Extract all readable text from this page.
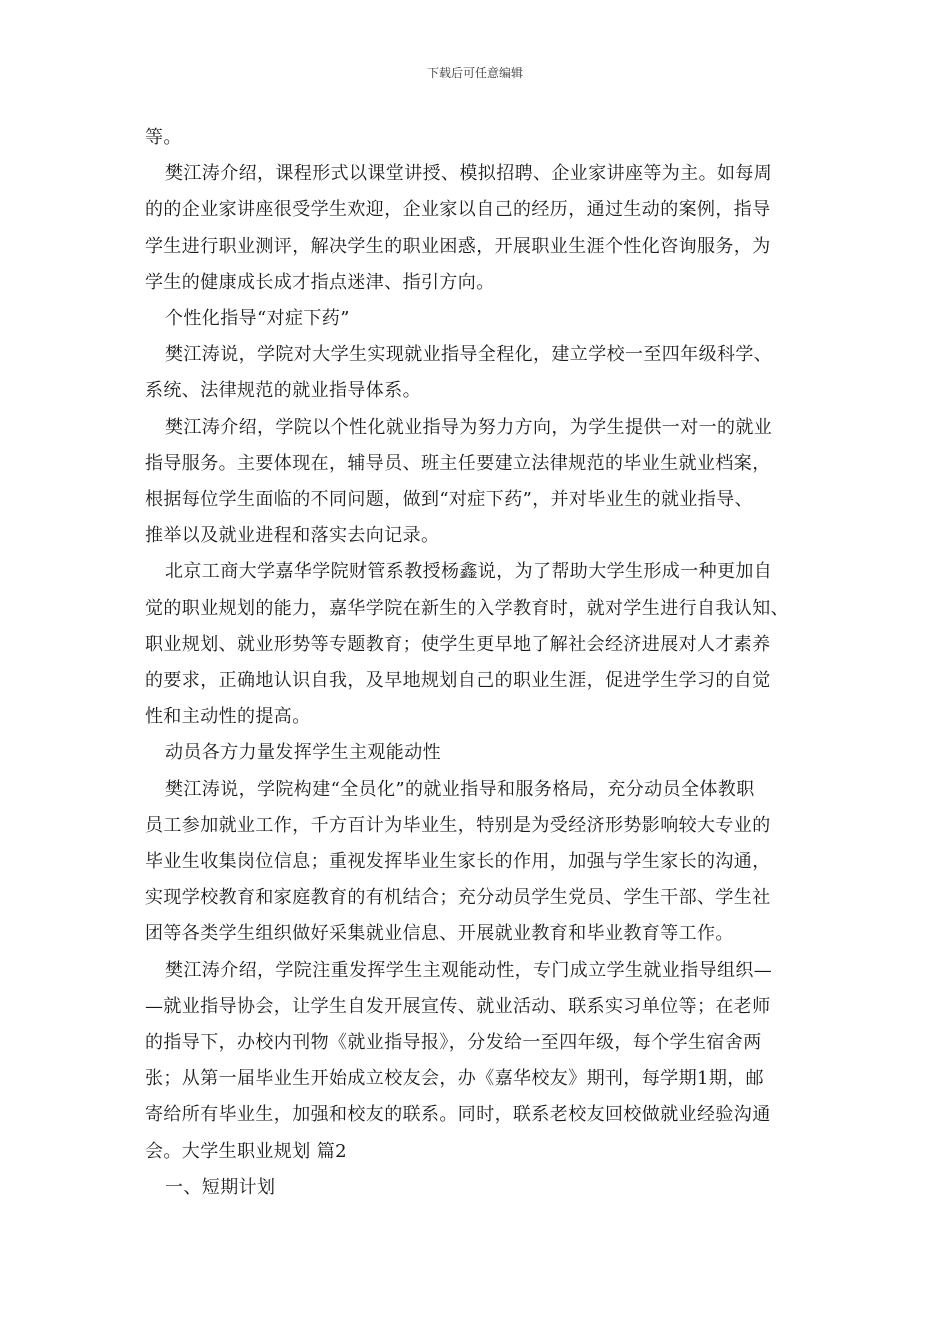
下载后可任意编辑
等。
樊江涛介绍，课程形式以课堂讲授、模拟招聘、企业家讲座等为主。如每周
的的企业家讲座很受学生欢迎，企业家以自己的经历，通过生动的案例，指导
学生进行职业测评，解决学生的职业困惑，开展职业生涯个性化咨询服务，为
学生的健康成长成才指点迷津、指引方向。
个性化指导“对症下药”
樊江涛说，学院对大学生实现就业指导全程化，建立学校一至四年级科学、
系统、法律规范的就业指导体系。
樊江涛介绍，学院以个性化就业指导为努力方向，为学生提供一对一的就业
指导服务。主要体现在，辅导员、班主任要建立法律规范的毕业生就业档案，
根据每位学生面临的不同问题，做到“对症下药”，并对毕业生的就业指导、
推举以及就业进程和落实去向记录。
北京工商大学嘉华学院财管系教授杨鑫说，为了帮助大学生形成一种更加自
觉的职业规划的能力，嘉华学院在新生的入学教育时，就对学生进行自我认知、
职业规划、就业形势等专题教育；使学生更早地了解社会经济进展对人才素养
的要求，正确地认识自我，及早地规划自己的职业生涯，促进学生学习的自觉
性和主动性的提高。
动员各方力量发挥学生主观能动性
樊江涛说，学院构建“全员化”的就业指导和服务格局，充分动员全体教职
员工参加就业工作，千方百计为毕业生，特别是为受经济形势影响较大专业的
毕业生收集岗位信息；重视发挥毕业生家长的作用，加强与学生家长的沟通，
实现学校教育和家庭教育的有机结合；充分动员学生党员、学生干部、学生社
团等各类学生组织做好采集就业信息、开展就业教育和毕业教育等工作。
樊江涛介绍，学院注重发挥学生主观能动性，专门成立学生就业指导组织—
—就业指导协会，让学生自发开展宣传、就业活动、联系实习单位等；在老师
的指导下，办校内刊物《就业指导报》，分发给一至四年级，每个学生宿舍两
张；从第一届毕业生开始成立校友会，办《嘉华校友》期刊，每学期1期，邮
寄给所有毕业生，加强和校友的联系。同时，联系老校友回校做就业经验沟通
会。大学生职业规划 篇2
一、短期计划
